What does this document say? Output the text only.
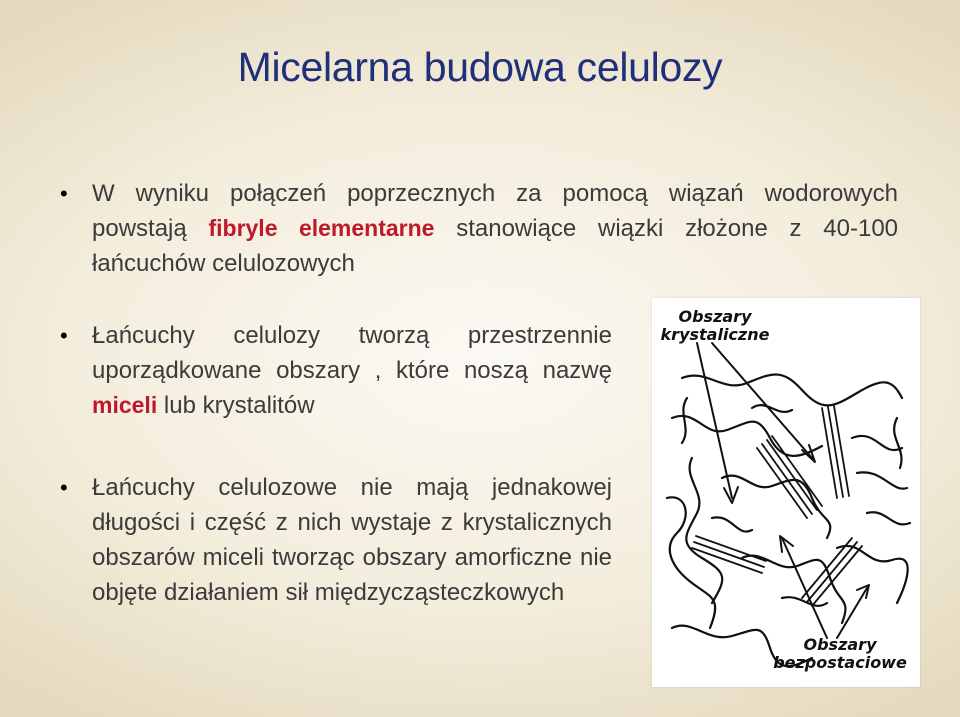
Micelarna budowa celulozy
•	W wyniku połączeń poprzecznych za pomocą wiązań wodorowych powstają fibryle elementarne stanowiące wiązki złożone z 40-100 łańcuchów celulozowych
•	Łańcuchy celulozy tworzą przestrzennie uporządkowane obszary , które noszą nazwę miceli lub krystalitów
•	Łańcuchy celulozowe nie mają jednakowej długości i część z nich wystaje z krystalicznych obszarów miceli tworząc obszary amorficzne nie objęte działaniem sił międzycząsteczkowych
Obszary
krystaliczne
Obszary
bezpostaciowe
